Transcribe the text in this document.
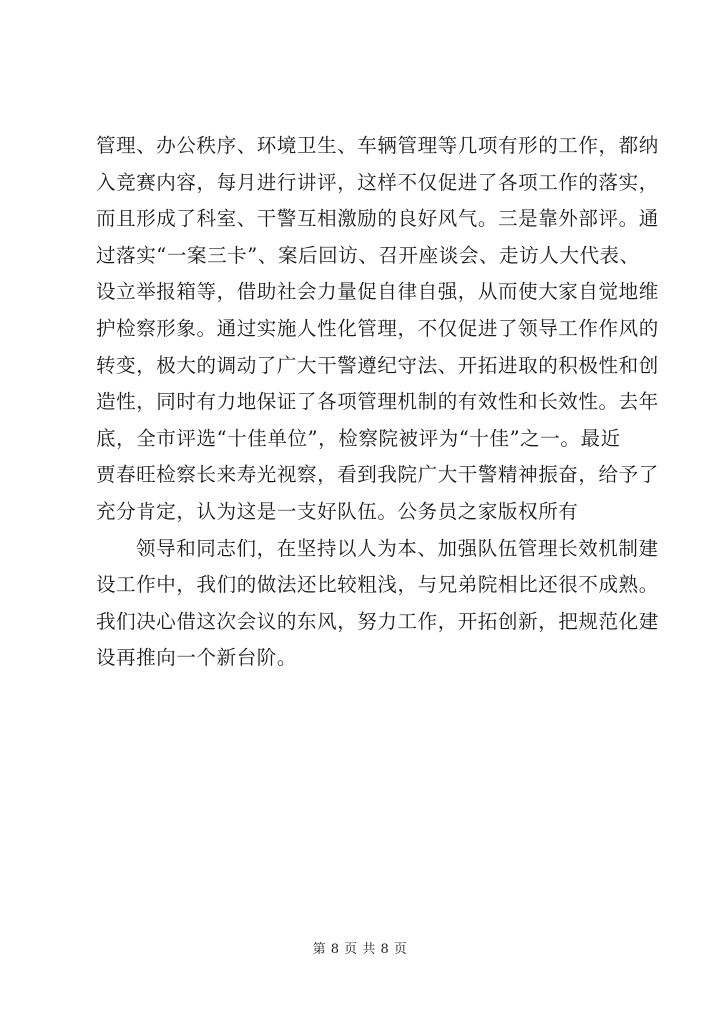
管理、办公秩序、环境卫生、车辆管理等几项有形的工作，都纳
入竞赛内容，每月进行讲评，这样不仅促进了各项工作的落实，
而且形成了科室、干警互相激励的良好风气。三是靠外部评。通
过落实“一案三卡”、案后回访、召开座谈会、走访人大代表、
设立举报箱等，借助社会力量促自律自强，从而使大家自觉地维
护检察形象。通过实施人性化管理，不仅促进了领导工作作风的
转变，极大的调动了广大干警遵纪守法、开拓进取的积极性和创
造性，同时有力地保证了各项管理机制的有效性和长效性。去年
底，全市评选“十佳单位”，检察院被评为“十佳”之一。最近
贾春旺检察长来寿光视察，看到我院广大干警精神振奋，给予了
充分肯定，认为这是一支好队伍。公务员之家版权所有
领导和同志们，在坚持以人为本、加强队伍管理长效机制建
设工作中，我们的做法还比较粗浅，与兄弟院相比还很不成熟。
我们决心借这次会议的东风，努力工作，开拓创新，把规范化建
设再推向一个新台阶。
第 8 页 共 8 页
